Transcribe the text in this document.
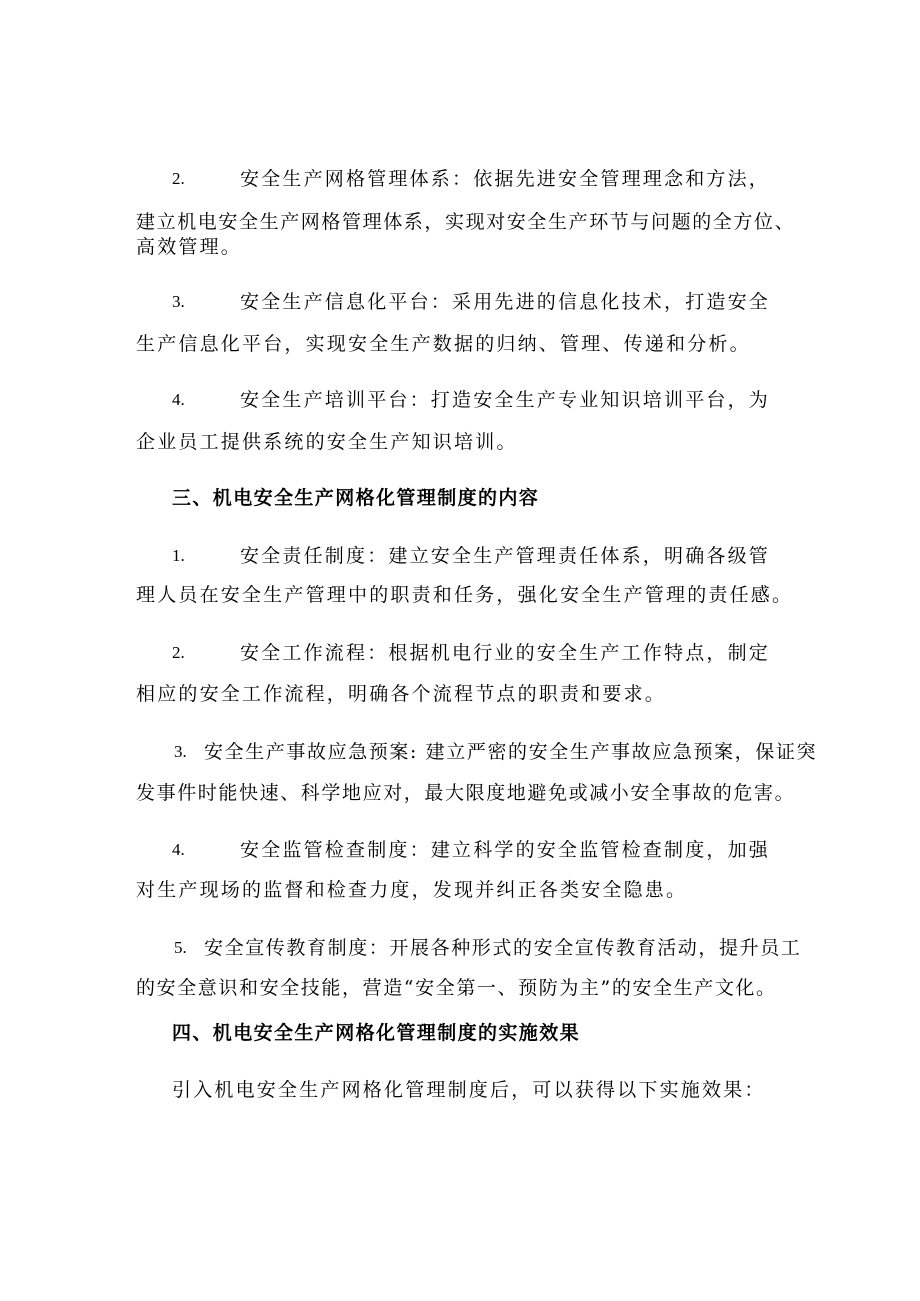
2.	安全生产网格管理体系：依据先进安全管理理念和方法，
建立机电安全生产网格管理体系，实现对安全生产环节与问题的全方位、
高效管理。
3.	安全生产信息化平台：采用先进的信息化技术，打造安全
生产信息化平台，实现安全生产数据的归纳、管理、传递和分析。
4.	安全生产培训平台：打造安全生产专业知识培训平台，为
企业员工提供系统的安全生产知识培训。
三、机电安全生产网格化管理制度的内容
1.	安全责任制度：建立安全生产管理责任体系，明确各级管
理人员在安全生产管理中的职责和任务，强化安全生产管理的责任感。
2.	安全工作流程：根据机电行业的安全生产工作特点，制定
相应的安全工作流程，明确各个流程节点的职责和要求。
3. 安全生产事故应急预案: 建立严密的安全生产事故应急预案，保证突
发事件时能快速、科学地应对，最大限度地避免或减小安全事故的危害。
4.	安全监管检查制度：建立科学的安全监管检查制度，加强
对生产现场的监督和检查力度，发现并纠正各类安全隐患。
5. 安全宣传教育制度：开展各种形式的安全宣传教育活动，提升员工
的安全意识和安全技能，营造“安全第一、预防为主”的安全生产文化。
四、机电安全生产网格化管理制度的实施效果
引入机电安全生产网格化管理制度后，可以获得以下实施效果：
